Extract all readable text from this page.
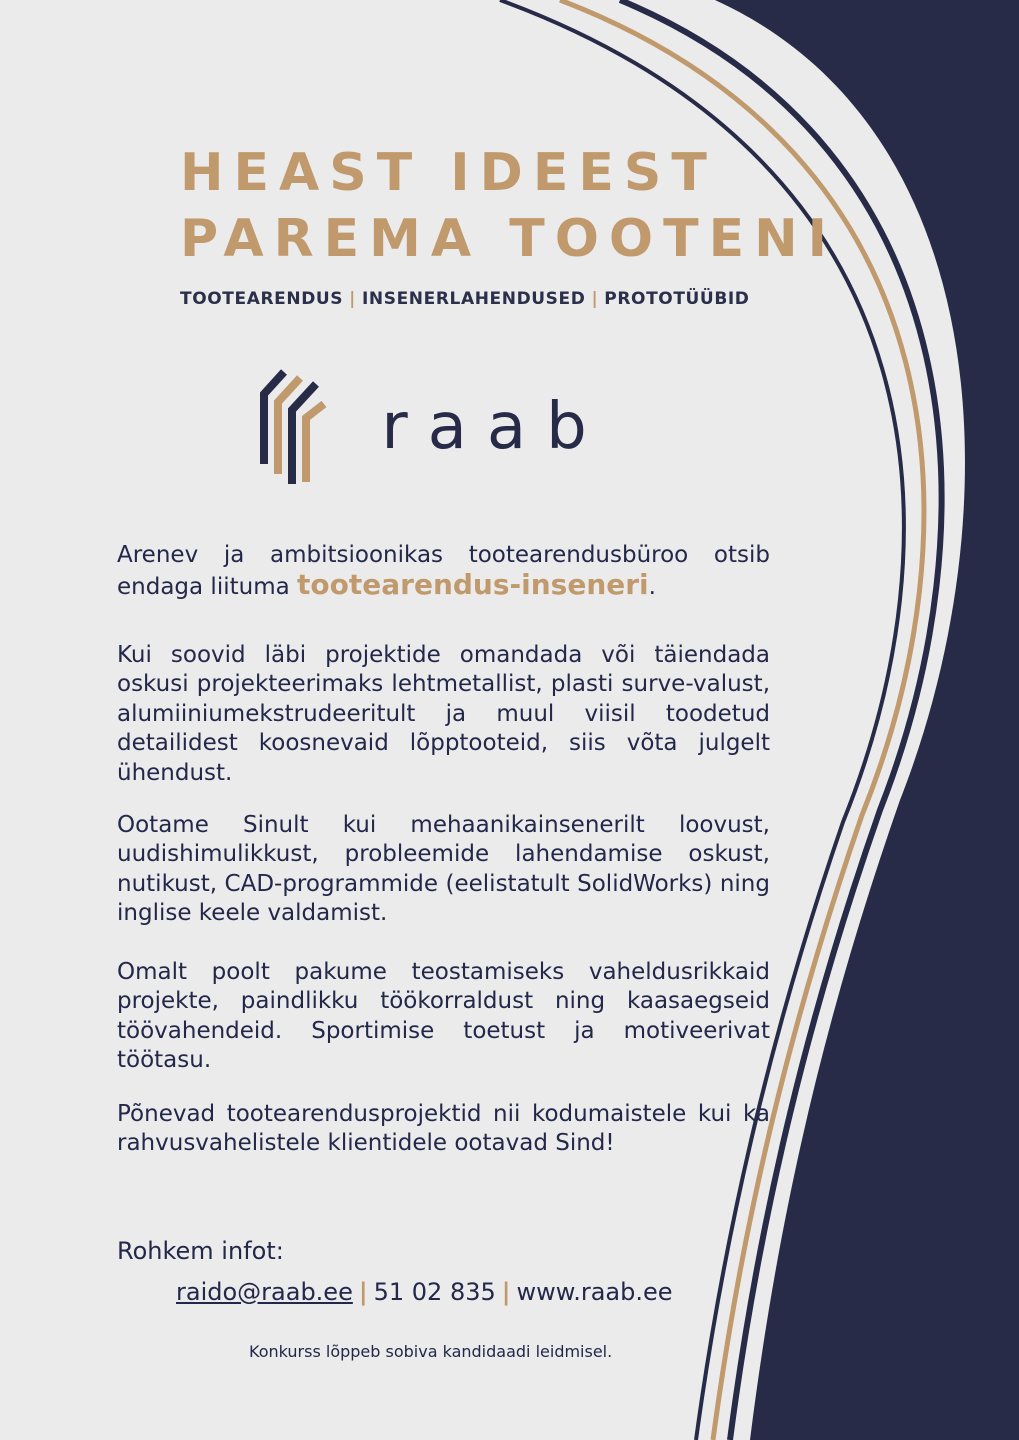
HEAST IDEEST
PAREMA TOOTENI
TOOTEARENDUS | INSENERLAHENDUSED | PROTOTÜÜBID
raab

Arenev ja ambitsioonikas tootearendusbüroo otsib endaga liituma tootearendus-inseneri.

Kui soovid läbi projektide omandada või täiendada oskusi projekteerimaks lehtmetallist, plasti surve-valust, alumiiniumekstrudeeritult ja muul viisil toodetud detailidest koosnevaid lõpptooteid, siis võta julgelt ühendust.

Ootame Sinult kui mehaanikainsenerilt loovust, uudishimulikkust, probleemide lahendamise oskust, nutikust, CAD-programmide (eelistatult SolidWorks) ning inglise keele valdamist.

Omalt poolt pakume teostamiseks vaheldusrikkaid projekte, paindlikku töökorraldust ning kaasaegseid töövahendeid. Sportimise toetust ja motiveerivat töötasu.

Põnevad tootearendusprojektid nii kodumaistele kui ka rahvusvahelistele klientidele ootavad Sind!

Rohkem infot:
raido@raab.ee | 51 02 835 | www.raab.ee
Konkurss lõppeb sobiva kandidaadi leidmisel.
